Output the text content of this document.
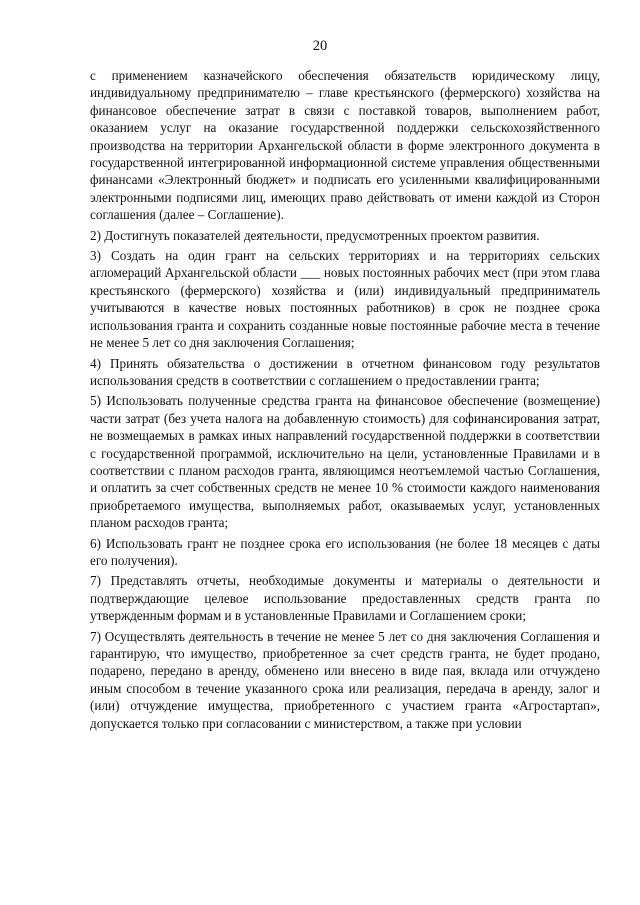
20

с применением казначейского обеспечения обязательств юридическому лицу, индивидуальному предпринимателю – главе крестьянского (фермерского) хозяйства на финансовое обеспечение затрат в связи с поставкой товаров, выполнением работ, оказанием услуг на оказание государственной поддержки сельскохозяйственного производства на территории Архангельской области в форме электронного документа в государственной интегрированной информационной системе управления общественными финансами «Электронный бюджет» и подписать его усиленными квалифицированными электронными подписями лиц, имеющих право действовать от имени каждой из Сторон соглашения (далее – Соглашение).

2) Достигнуть показателей деятельности, предусмотренных проектом развития.

3) Создать на один грант на сельских территориях и на территориях сельских агломераций Архангельской области ___ новых постоянных рабочих мест (при этом глава крестьянского (фермерского) хозяйства и (или) индивидуальный предприниматель учитываются в качестве новых постоянных работников) в срок не позднее срока использования гранта и сохранить созданные новые постоянные рабочие места в течение не менее 5 лет со дня заключения Соглашения;

4) Принять обязательства о достижении в отчетном финансовом году результатов использования средств в соответствии с соглашением о предоставлении гранта;

5) Использовать полученные средства гранта на финансовое обеспечение (возмещение) части затрат (без учета налога на добавленную стоимость) для софинансирования затрат, не возмещаемых в рамках иных направлений государственной поддержки в соответствии с государственной программой, исключительно на цели, установленные Правилами и в соответствии с планом расходов гранта, являющимся неотъемлемой частью Соглашения, и оплатить за счет собственных средств не менее 10 % стоимости каждого наименования приобретаемого имущества, выполняемых работ, оказываемых услуг, установленных планом расходов гранта;

6) Использовать грант не позднее срока его использования (не более 18 месяцев с даты его получения).

7) Представлять отчеты, необходимые документы и материалы о деятельности и подтверждающие целевое использование предоставленных средств гранта по утвержденным формам и в установленные Правилами и Соглашением сроки;

7) Осуществлять деятельность в течение не менее 5 лет со дня заключения Соглашения и гарантирую, что имущество, приобретенное за счет средств гранта, не будет продано, подарено, передано в аренду, обменено или внесено в виде пая, вклада или отчуждено иным способом в течение указанного срока или реализация, передача в аренду, залог и (или) отчуждение имущества, приобретенного с участием гранта «Агростартап», допускается только при согласовании с министерством, а также при условии
